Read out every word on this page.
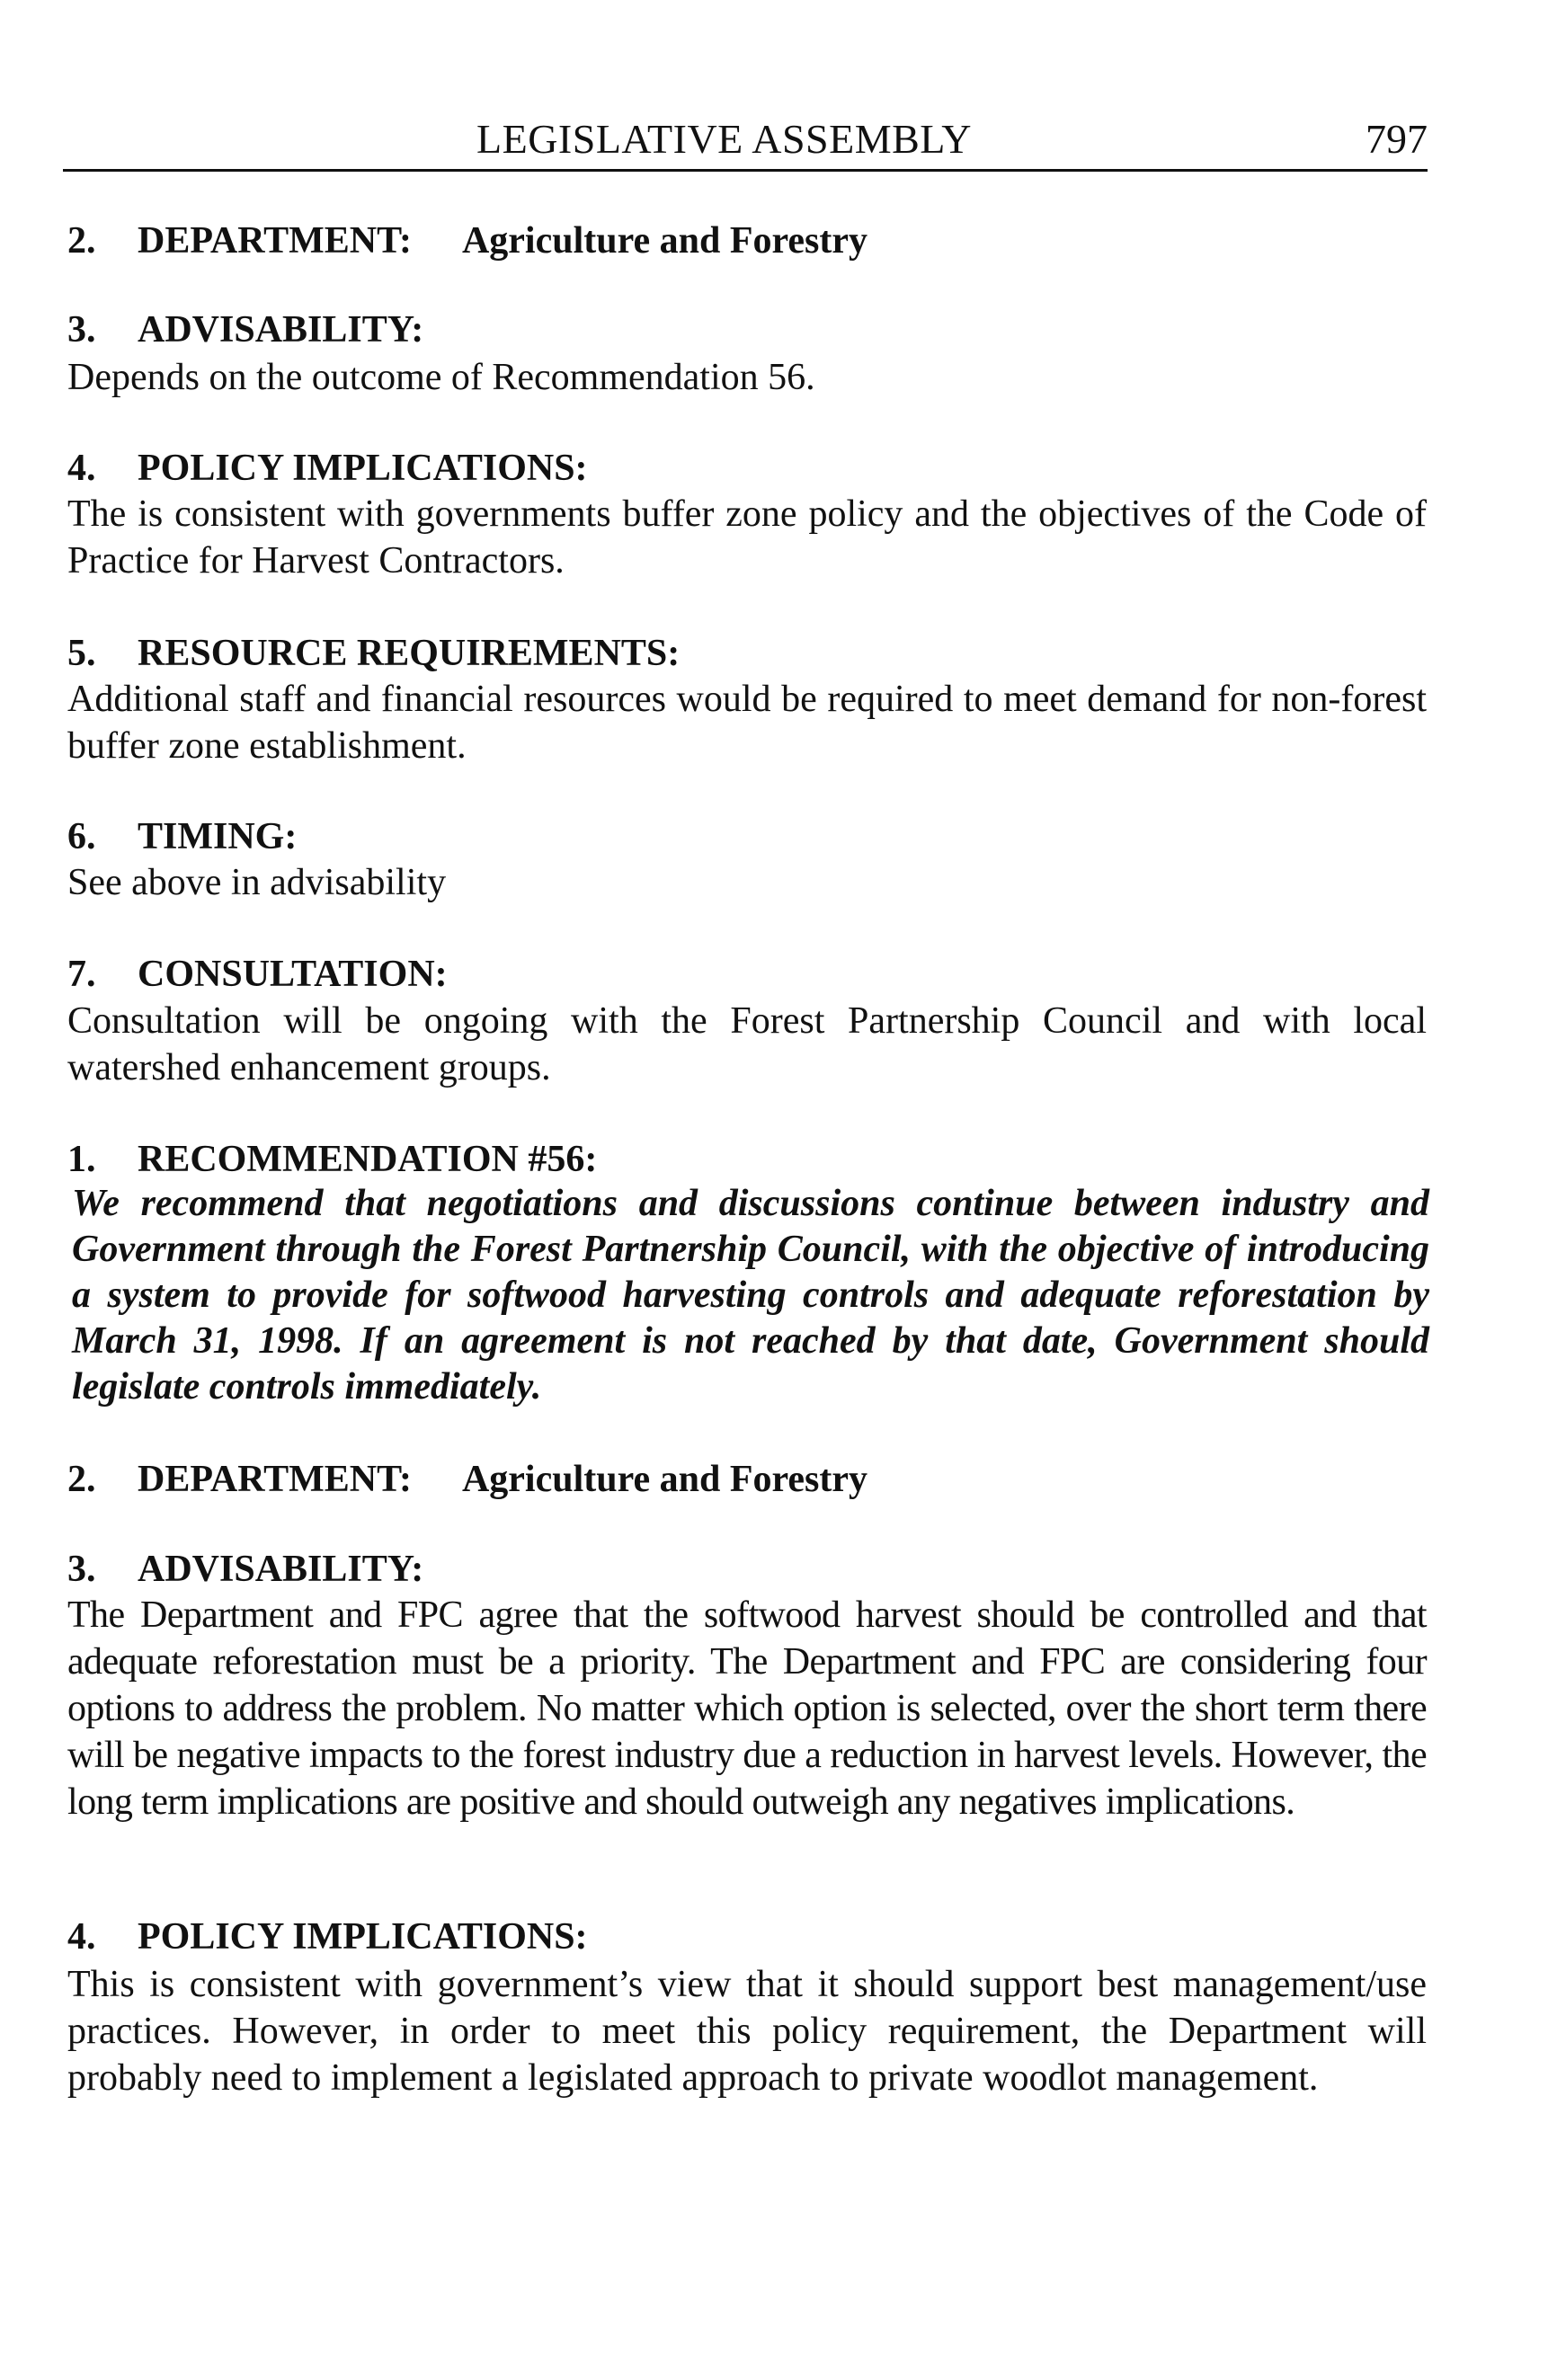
LEGISLATIVE ASSEMBLY	797
2. DEPARTMENT: Agriculture and Forestry
3. ADVISABILITY:
Depends on the outcome of Recommendation 56.
4. POLICY IMPLICATIONS:
The is consistent with governments buffer zone policy and the objectives of the Code of Practice for Harvest Contractors.
5. RESOURCE REQUIREMENTS:
Additional staff and financial resources would be required to meet demand for non-forest buffer zone establishment.
6. TIMING:
See above in advisability
7. CONSULTATION:
Consultation will be ongoing with the Forest Partnership Council and with local watershed enhancement groups.
1. RECOMMENDATION #56:
We recommend that negotiations and discussions continue between industry and Government through the Forest Partnership Council, with the objective of introducing a system to provide for softwood harvesting controls and adequate reforestation by March 31, 1998. If an agreement is not reached by that date, Government should legislate controls immediately.
2. DEPARTMENT: Agriculture and Forestry
3. ADVISABILITY:
The Department and FPC agree that the softwood harvest should be controlled and that adequate reforestation must be a priority. The Department and FPC are considering four options to address the problem. No matter which option is selected, over the short term there will be negative impacts to the forest industry due a reduction in harvest levels. However, the long term implications are positive and should outweigh any negatives implications.
4. POLICY IMPLICATIONS:
This is consistent with government’s view that it should support best management/use practices. However, in order to meet this policy requirement, the Department will probably need to implement a legislated approach to private woodlot management.
